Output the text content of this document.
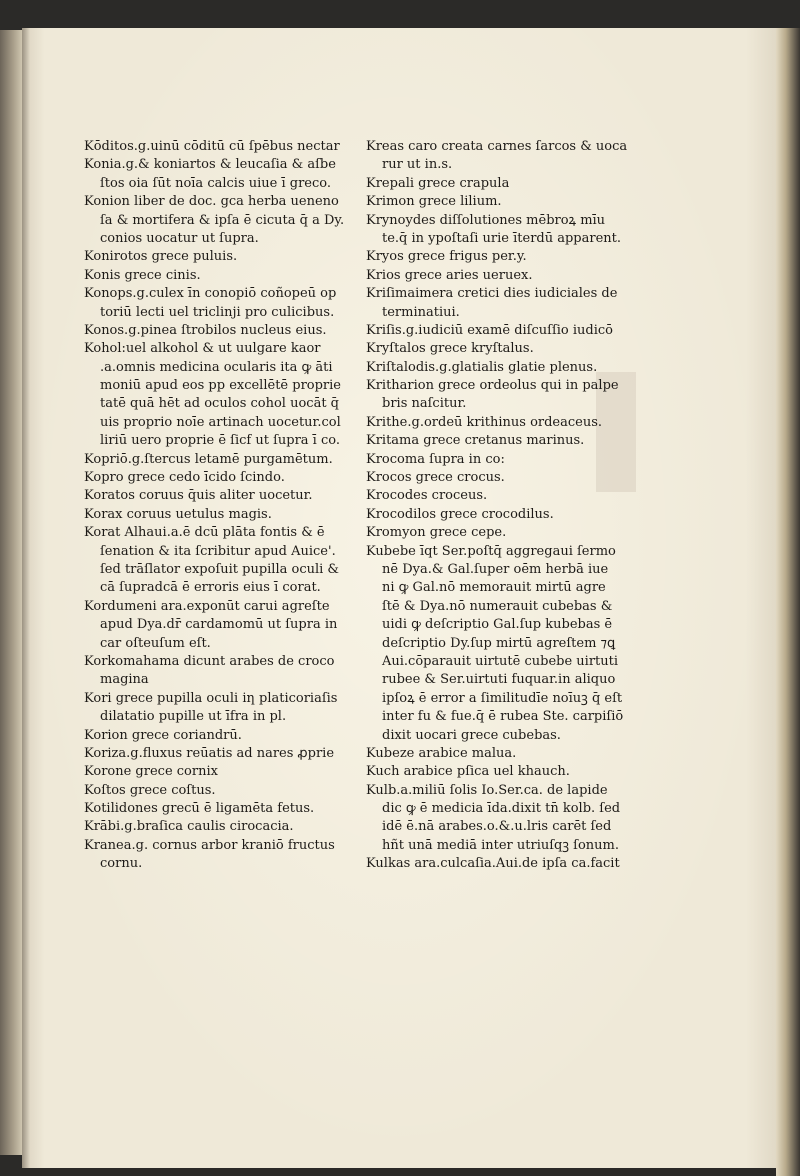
Kōditos.g.uinū cōditū cū ſpēbus nectar
Konia.g.& koniartos & leucaſia & aſbe
ſtos oia ſūt noīa calcis uiue ī greco.
Konion liber de doc. gca herba ueneno
ſa & mortifera & ipſa ē cicuta q̄ a Dy.
conios uocatur ut ſupra.
Konirotos grece puluis.
Konis grece cinis.
Konops.g.culex īn conopiō coñopeū op
toriū lecti uel triclinji pro culicibus.
Konos.g.pinea ſtrobilos nucleus eius.
Kohol:uel alkohol & ut uulgare kaor
.a.omnis medicina ocularis ita ꝙ āti
moniū apud eos pp excellētē proprie
tatē quā hēt ad oculos cohol uocāt q̄
uis proprio noīe artinach uocetur.col
liriū uero proprie ē ſicf ut ſupra ī co.
Kopriō.g.ſtercus letamē purgamētum.
Kopro grece cedo īcido ſcindo.
Koratos coruus q̄uis aliter uocetur.
Korax coruus uetulus magis.
Korat Alhaui.a.ē dcū plāta fontis & ē
ſenation & ita ſcribitur apud Auice'.
ſed trāſlator expoſuit pupilla oculi &
cā ſupradcā ē erroris eius ī corat.
Kordumeni ara.exponūt carui agreſte
apud Dya.dr̄ cardamomū ut ſupra in
car oſteuſum eſt.
Korkomahama dicunt arabes de croco
magina
Kori grece pupilla oculi iƞ platicoriaſis
dilatatio pupille ut īfra in pl.
Korion grece coriandrū.
Koriza.g.fluxus reūatis ad nares ꝓprie
Korone grece cornix
Koſtos grece coſtus.
Kotilidones grecū ē ligamēta fetus.
Krābi.g.braſica caulis cirocacia.
Kranea.g. cornus arbor kraniō fructus
cornu.
Kreas caro creata carnes ſarcos & uoca
rur ut in.s.
Krepali grece crapula
Krimon grece lilium.
Krynoydes diſſolutiones mēbroꝝ mīu
te.q̄ in ypoſtaſi urie īterdū apparent.
Kryos grece frigus per.y.
Krios grece aries ueruex.
Kriſimaimera cretici dies iudiciales de
terminatiui.
Kriſis.g.iudiciū examē diſcuſſio iudicō
Kryſtalos grece kryſtalus.
Kriſtalodis.g.glatialis glatie plenus.
Kritharion grece ordeolus qui in palpe
bris naſcitur.
Krithe.g.ordeū krithinus ordeaceus.
Kritama grece cretanus marinus.
Krocoma ſupra in co:
Krocos grece crocus.
Krocodes croceus.
Krocodilos grece crocodilus.
Kromyon grece cepe.
Kubebe īqt Ser.poſtq̄ aggregaui ſermo
nē Dya.& Gal.ſuper oēm herbā iue
ni ꝙ Gal.nō memorauit mirtū agre
ſtē & Dya.nō numerauit cubebas &
uidi ꝙ deſcriptio Gal.ſup kubebas ē
deſcriptio Dy.ſup mirtū agreſtem ⁊ꝗ
Aui.cōparauit uirtutē cubebe uirtuti
rubee & Ser.uirtuti fuquar.in aliquo
ipſoꝝ ē error a ſimilitudīe noīuꝫ q̄ eſt
inter fu & fue.q̄ ē rubea Ste. carpiſiō
dixit uocari grece cubebas.
Kubeze arabice malua.
Kuch arabice pſica uel khauch.
Kulb.a.miliū ſolis Io.Ser.ca. de lapide
dic ꝙ ē medicia īda.dixit tn̄ kolb. ſed
idē ē.nā arabes.o.&.u.lris carēt ſed
hñt unā mediā inter utriuſqꝫ ſonum.
Kulkas ara.culcaſia.Aui.de ipſa ca.facit
